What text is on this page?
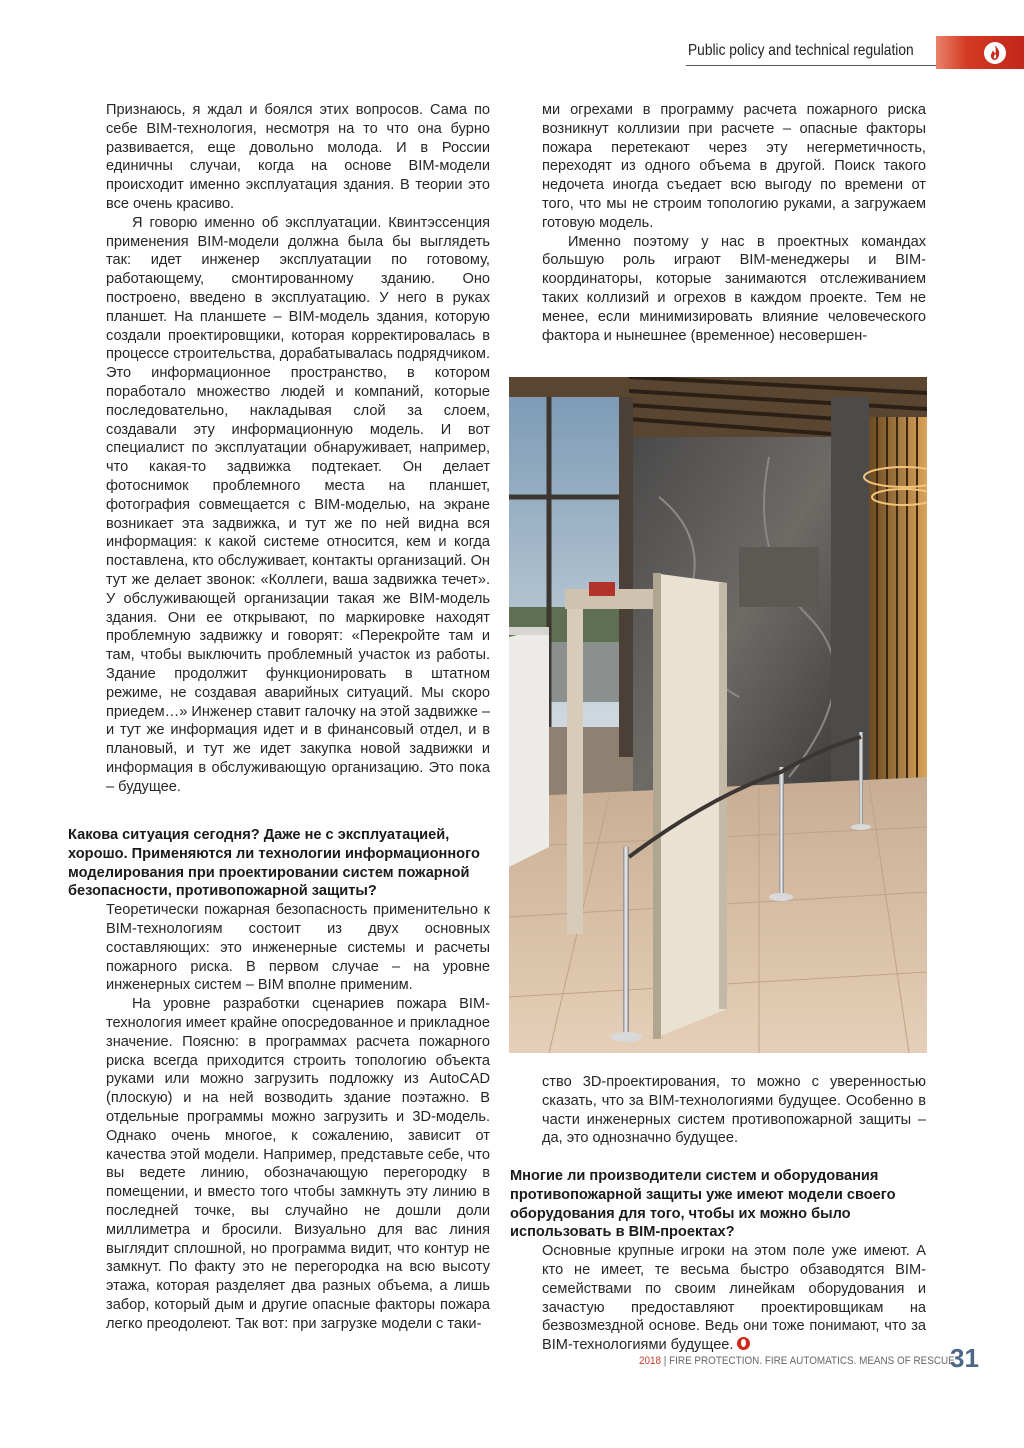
Public policy and technical regulation

Признаюсь, я ждал и боялся этих вопросов. Сама по себе BIM-технология, несмотря на то что она бурно развивается, еще довольно молода. И в России единичны случаи, когда на основе BIM-модели происходит именно эксплуатация здания. В теории это все очень красиво.

Я говорю именно об эксплуатации. Квинтэссенция применения BIM-модели должна была бы выглядеть так: идет инженер эксплуатации по готовому, работающему, смонтированному зданию. Оно построено, введено в эксплуатацию. У него в руках планшет. На планшете – BIM-модель здания, которую создали проектировщики, которая корректировалась в процессе строительства, дорабатывалась подрядчиком. Это информационное пространство, в котором поработало множество людей и компаний, которые последовательно, накладывая слой за слоем, создавали эту информационную модель. И вот специалист по эксплуатации обнаруживает, например, что какая-то задвижка подтекает. Он делает фотоснимок проблемного места на планшет, фотография совмещается с BIM-моделью, на экране возникает эта задвижка, и тут же по ней видна вся информация: к какой системе относится, кем и когда поставлена, кто обслуживает, контакты организаций. Он тут же делает звонок: «Коллеги, ваша задвижка течет». У обслуживающей организации такая же BIM-модель здания. Они ее открывают, по маркировке находят проблемную задвижку и говорят: «Перекройте там и там, чтобы выключить проблемный участок из работы. Здание продолжит функционировать в штатном режиме, не создавая аварийных ситуаций. Мы скоро приедем…» Инженер ставит галочку на этой задвижке – и тут же информация идет и в финансовый отдел, и в плановый, и тут же идет закупка новой задвижки и информация в обслуживающую организацию. Это пока – будущее.

Какова ситуация сегодня? Даже не с эксплуатацией, хорошо. Применяются ли технологии информационного моделирования при проектировании систем пожарной безопасности, противопожарной защиты?

Теоретически пожарная безопасность применительно к BIM-технологиям состоит из двух основных составляющих: это инженерные системы и расчеты пожарного риска. В первом случае – на уровне инженерных систем – BIM вполне применим.

На уровне разработки сценариев пожара BIM-технология имеет крайне опосредованное и прикладное значение. Поясню: в программах расчета пожарного риска всегда приходится строить топологию объекта руками или можно загрузить подложку из AutoCAD (плоскую) и на ней возводить здание поэтажно. В отдельные программы можно загрузить и 3D-модель. Однако очень многое, к сожалению, зависит от качества этой модели. Например, представьте себе, что вы ведете линию, обозначающую перегородку в помещении, и вместо того чтобы замкнуть эту линию в последней точке, вы случайно не дошли доли миллиметра и бросили. Визуально для вас линия выглядит сплошной, но программа видит, что контур не замкнут. По факту это не перегородка на всю высоту этажа, которая разделяет два разных объема, а лишь забор, который дым и другие опасные факторы пожара легко преодолеют. Так вот: при загрузке модели с таки-

ми огрехами в программу расчета пожарного риска возникнут коллизии при расчете – опасные факторы пожара перетекают через эту негерметичность, переходят из одного объема в другой. Поиск такого недочета иногда съедает всю выгоду по времени от того, что мы не строим топологию руками, а загружаем готовую модель.

Именно поэтому у нас в проектных командах большую роль играют BIM-менеджеры и BIM-координаторы, которые занимаются отслеживанием таких коллизий и огрехов в каждом проекте. Тем не менее, если минимизировать влияние человеческого фактора и нынешнее (временное) несовершен-

ство 3D-проектирования, то можно с уверенностью сказать, что за BIM-технологиями будущее. Особенно в части инженерных систем противопожарной защиты – да, это однозначно будущее.

Многие ли производители систем и оборудования противопожарной защиты уже имеют модели своего оборудования для того, чтобы их можно было использовать в BIM-проектах?

Основные крупные игроки на этом поле уже имеют. А кто не имеет, те весьма быстро обзаводятся BIM-семействами по своим линейкам оборудования и зачастую предоставляют проектировщикам на безвозмездной основе. Ведь они тоже понимают, что за BIM-технологиями будущее.

2018 | FIRE PROTECTION. FIRE AUTOMATICS. MEANS OF RESCUE
31
